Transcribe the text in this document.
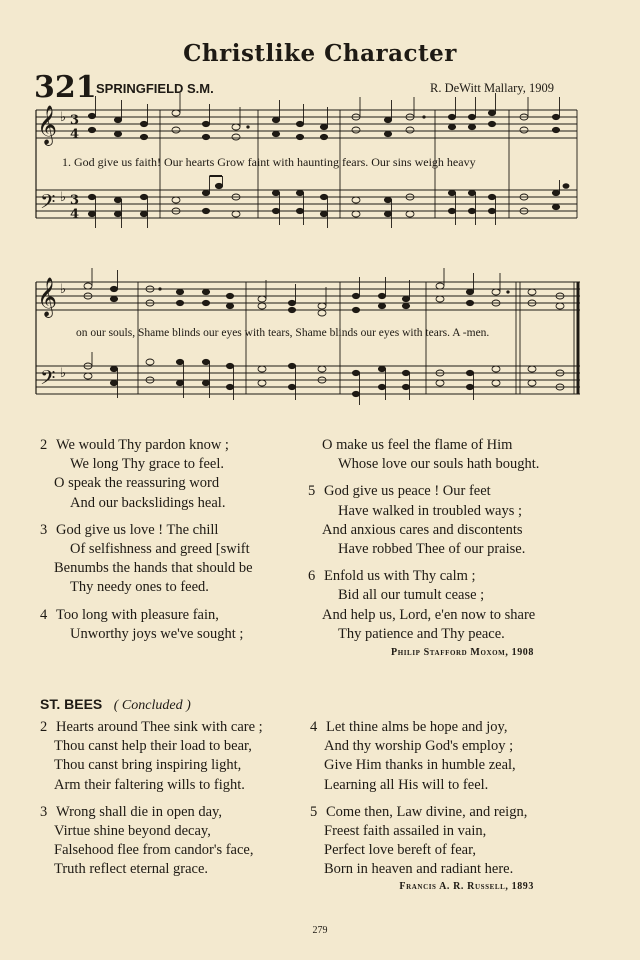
Christlike Character
321 SPRINGFIELD S.M.	R. DeWitt Mallary, 1909
𝄞
𝄢
𝄞
𝄢
♭
♭
♭
♭
3
4
3
4
1. God give us faith! Our hearts Grow faint with haunting fears. Our sins weigh heavy
on our souls, Shame blinds our eyes with tears, Shame blinds our eyes with tears. A -men.
2 We would Thy pardon know ;
We long Thy grace to feel.
O speak the reassuring word
And our backslidings heal.
3 God give us love ! The chill
Of selfishness and greed [swift
Benumbs the hands that should be
Thy needy ones to feed.
4 Too long with pleasure fain,
Unworthy joys we've sought ;
O make us feel the flame of Him
Whose love our souls hath bought.
5 God give us peace ! Our feet
Have walked in troubled ways ;
And anxious cares and discontents
Have robbed Thee of our praise.
6 Enfold us with Thy calm ;
Bid all our tumult cease ;
And help us, Lord, e'en now to share
Thy patience and Thy peace.
Philip Stafford Moxom, 1908
ST. BEES ( Concluded )
2 Hearts around Thee sink with care ;
Thou canst help their load to bear,
Thou canst bring inspiring light,
Arm their faltering wills to fight.
3 Wrong shall die in open day,
Virtue shine beyond decay,
Falsehood flee from candor's face,
Truth reflect eternal grace.
4 Let thine alms be hope and joy,
And thy worship God's employ ;
Give Him thanks in humble zeal,
Learning all His will to feel.
5 Come then, Law divine, and reign,
Freest faith assailed in vain,
Perfect love bereft of fear,
Born in heaven and radiant here.
Francis A. R. Russell, 1893
279
